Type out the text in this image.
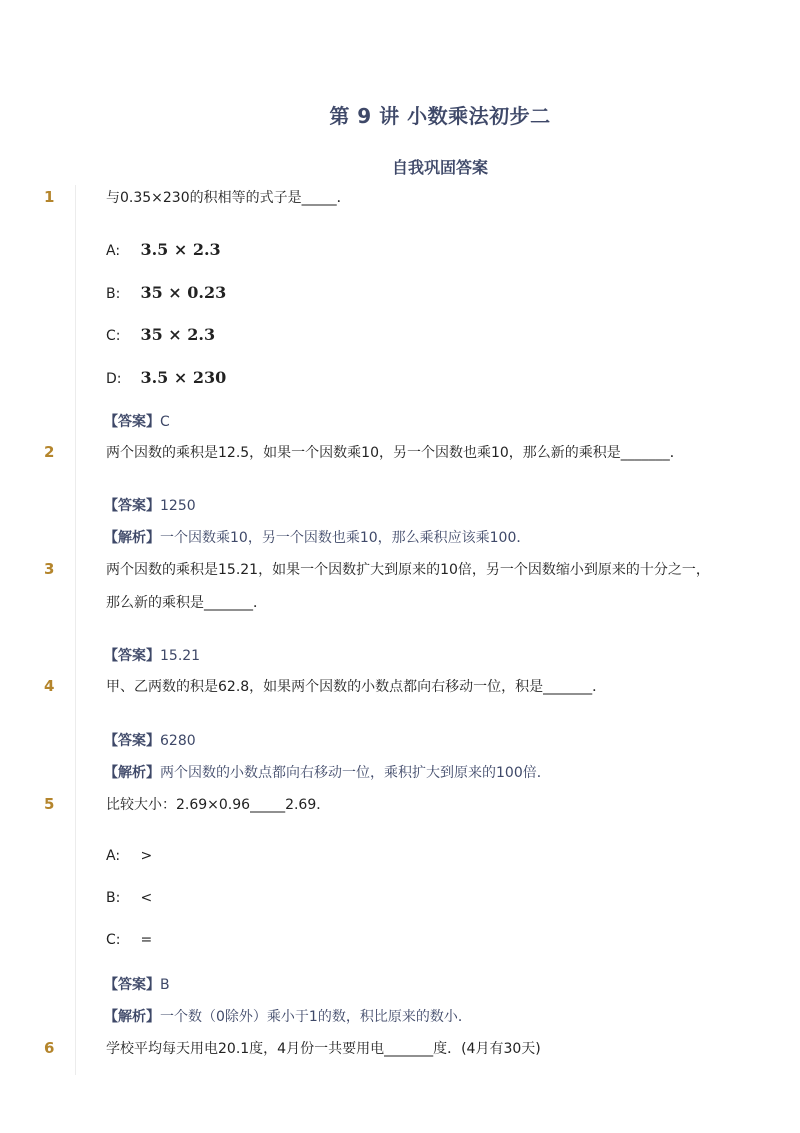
第 9 讲 小数乘法初步二
自我巩固答案
1	与0.35×230的积相等的式子是_____．
A: 3.5 × 2.3
B: 35 × 0.23
C: 35 × 2.3
D: 3.5 × 230
【答案】C
2	两个因数的乘积是12.5，如果一个因数乘10，另一个因数也乘10，那么新的乘积是_______．
【答案】1250
【解析】一个因数乘10，另一个因数也乘10，那么乘积应该乘100．
3	两个因数的乘积是15.21，如果一个因数扩大到原来的10倍，另一个因数缩小到原来的十分之一，
那么新的乘积是_______．
【答案】15.21
4	甲、乙两数的积是62.8，如果两个因数的小数点都向右移动一位，积是_______．
【答案】6280
【解析】两个因数的小数点都向右移动一位，乘积扩大到原来的100倍．
5	比较大小：2.69×0.96_____2.69．
A: >
B: <
C: =
【答案】B
【解析】一个数（0除外）乘小于1的数，积比原来的数小．
6	学校平均每天用电20.1度，4月份一共要用电_______度．(4月有30天)
